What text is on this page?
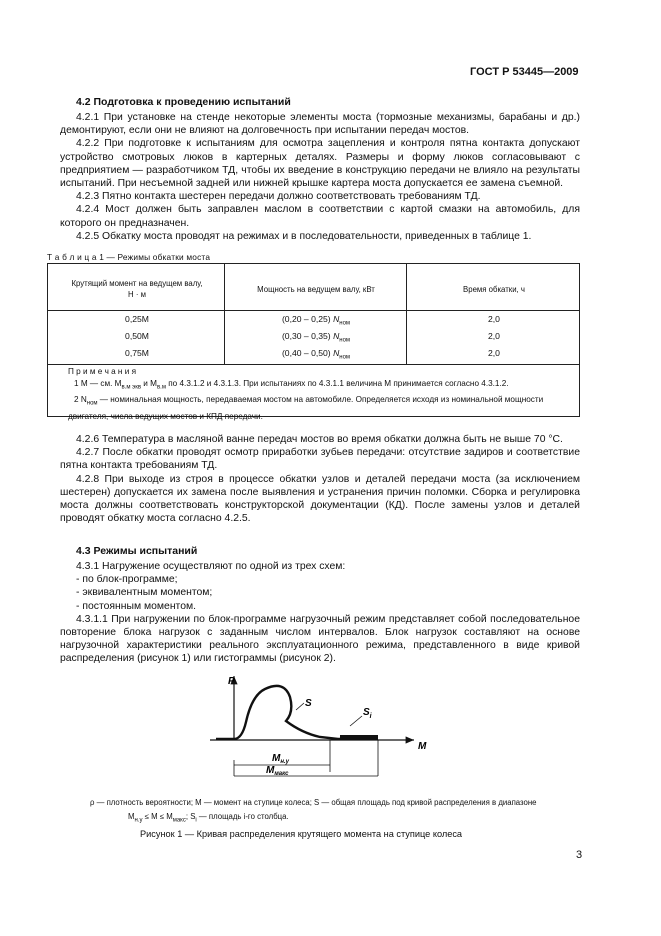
ГОСТ Р 53445—2009
4.2 Подготовка к проведению испытаний

4.2.1 При установке на стенде некоторые элементы моста (тормозные механизмы, барабаны и др.) демонтируют, если они не влияют на долговечность при испытании передач мостов.

4.2.2 При подготовке к испытаниям для осмотра зацепления и контроля пятна контакта допускают устройство смотровых люков в картерных деталях. Размеры и форму люков согласовывают с предприятием — разработчиком ТД, чтобы их введение в конструкцию передачи не влияло на результаты испытаний. При несъемной задней или нижней крышке картера моста допускается ее замена съемной.

4.2.3 Пятно контакта шестерен передачи должно соответствовать требованиям ТД.

4.2.4 Мост должен быть заправлен маслом в соответствии с картой смазки на автомобиль, для которого он предназначен.

4.2.5 Обкатку моста проводят на режимах и в последовательности, приведенных в таблице 1.

Т а б л и ц а 1 — Режимы обкатки моста
Крутящий момент на ведущем валу,
Н · м
Мощность на ведущем валу, кВт	Время обкатки, ч
0,25M	(0,20 – 0,25) $N_{ном}$	2,0
0,50M	(0,30 – 0,35) $N_{ном}$	2,0
0,75M	(0,40 – 0,50) $N_{ном}$	2,0
П р и м е ч а н и я
1 M — см. $M_{в.м экв}$ и $M_{в.м}$ по 4.3.1.2 и 4.3.1.3. При испытаниях по 4.3.1.1 величина M принимается согласно 4.3.1.2.
2 $N_{ном}$ — номинальная мощность, передаваемая мостом на автомобиле. Определяется исходя из номинальной мощности двигателя, числа ведущих мостов и КПД передачи.

4.2.6 Температура в масляной ванне передач мостов во время обкатки должна быть не выше 70 °C.

4.2.7 После обкатки проводят осмотр приработки зубьев передачи: отсутствие задиров и соответствие пятна контакта требованиям ТД.

4.2.8 При выходе из строя в процессе обкатки узлов и деталей передачи моста (за исключением шестерен) допускается их замена после выявления и устранения причин поломки. Сборка и регулировка моста должны соответствовать конструкторской документации (КД). После замены узлов и деталей проводят обкатку моста согласно 4.2.5.

4.3 Режимы испытаний

4.3.1 Нагружение осуществляют по одной из трех схем:

- по блок-программе;

- эквивалентным моментом;

- постоянным моментом.

4.3.1.1 При нагружении по блок-программе нагрузочный режим представляет собой последовательное повторение блока нагрузок с заданным числом интервалов. Блок нагрузок составляют на основе нагрузочной характеристики реального эксплуатационного режима, представленного в виде кривой распределения (рисунок 1) или гистограммы (рисунок 2).

P
M
S
$S_i$
$M_{н.у}$
$M_{макс}$
ρ — плотность вероятности; M — момент на ступице колеса; S — общая площадь под кривой распределения в диапазоне
$M_{н.у} \le M \le M_{макс}$; $S_i$ — площадь i-го столбца.
Рисунок 1 — Кривая распределения крутящего момента на ступице колеса
3
